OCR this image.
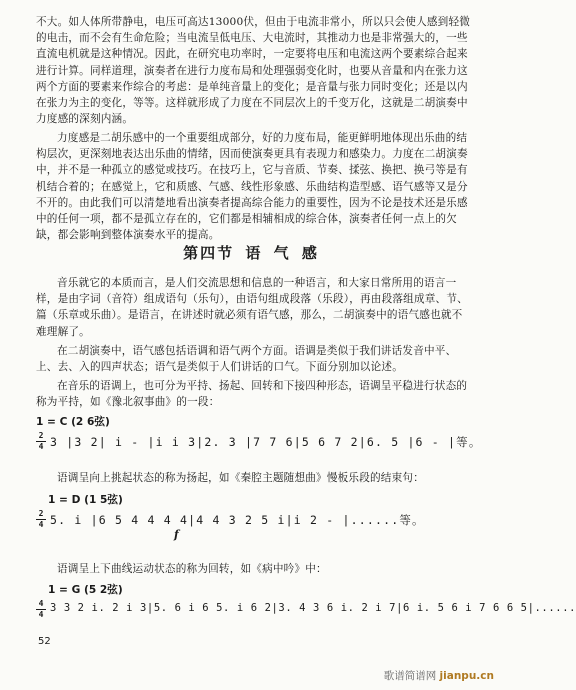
不大。如人体所带静电，电压可高达13000伏，但由于电流非常小，所以只会使人感到轻微
的电击，而不会有生命危险；当电流呈低电压、大电流时，其推动力也是非常强大的，一些
直流电机就是这种情况。因此，在研究电功率时，一定要将电压和电流这两个要素综合起来
进行计算。同样道理，演奏者在进行力度布局和处理强弱变化时，也要从音量和内在张力这
两个方面的要素来作综合的考虑：是单纯音量上的变化；是音量与张力同时变化；还是以内
在张力为主的变化，等等。这样就形成了力度在不同层次上的千变万化，这就是二胡演奏中
力度感的深刻内涵。

力度感是二胡乐感中的一个重要组成部分，好的力度布局，能更鲜明地体现出乐曲的结
构层次，更深刻地表达出乐曲的情绪，因而使演奏更具有表现力和感染力。力度在二胡演奏
中，并不是一种孤立的感觉或技巧。在技巧上，它与音质、节奏、揉弦、换把、换弓等是有
机结合着的；在感觉上，它和质感、气感、线性形象感、乐曲结构造型感、语气感等又是分
不开的。由此我们可以清楚地看出演奏者提高综合能力的重要性，因为不论是技术还是乐感
中的任何一项，都不是孤立存在的，它们都是相辅相成的综合体，演奏者任何一点上的欠
缺，都会影响到整体演奏水平的提高。

第四节 语 气 感

音乐就它的本质而言，是人们交流思想和信息的一种语言，和大家日常所用的语言一
样，是由字词（音符）组成语句（乐句），由语句组成段落（乐段），再由段落组成章、节、
篇（乐章或乐曲）。是语言，在讲述时就必须有语气感，那么，二胡演奏中的语气感也就不
难理解了。

在二胡演奏中，语气感包括语调和语气两个方面。语调是类似于我们讲话发音中平、
上、去、入的四声状态；语气是类似于人们讲话的口气。下面分别加以论述。

在音乐的语调上，也可分为平持、扬起、回转和下接四种形态，语调呈平稳进行状态的
称为平持，如《豫北叙事曲》的一段：

1 = C (2 6弦)
2
4 3 |3 2| i - |i i 3|2. 3 |7 7 6|5 6 7 2|6. 5 |6 - |等。

语调呈向上挑起状态的称为扬起，如《秦腔主题随想曲》慢板乐段的结束句：

1 = D (1 5弦)
2
4 5. i |6 5 4 4 4 4|4 4 3 2 5 i|i 2 - |......等。
f

语调呈上下曲线运动状态的称为回转，如《病中吟》中：

1 = G (5 2弦)
4
4
3 3 2 i. 2 i 3|5. 6 i 6 5. i 6 2|3. 4 3 6 i. 2 i 7|6 i. 5 6 i 7 6 6 5|......
52
歌谱简谱网 jianpu.cn
